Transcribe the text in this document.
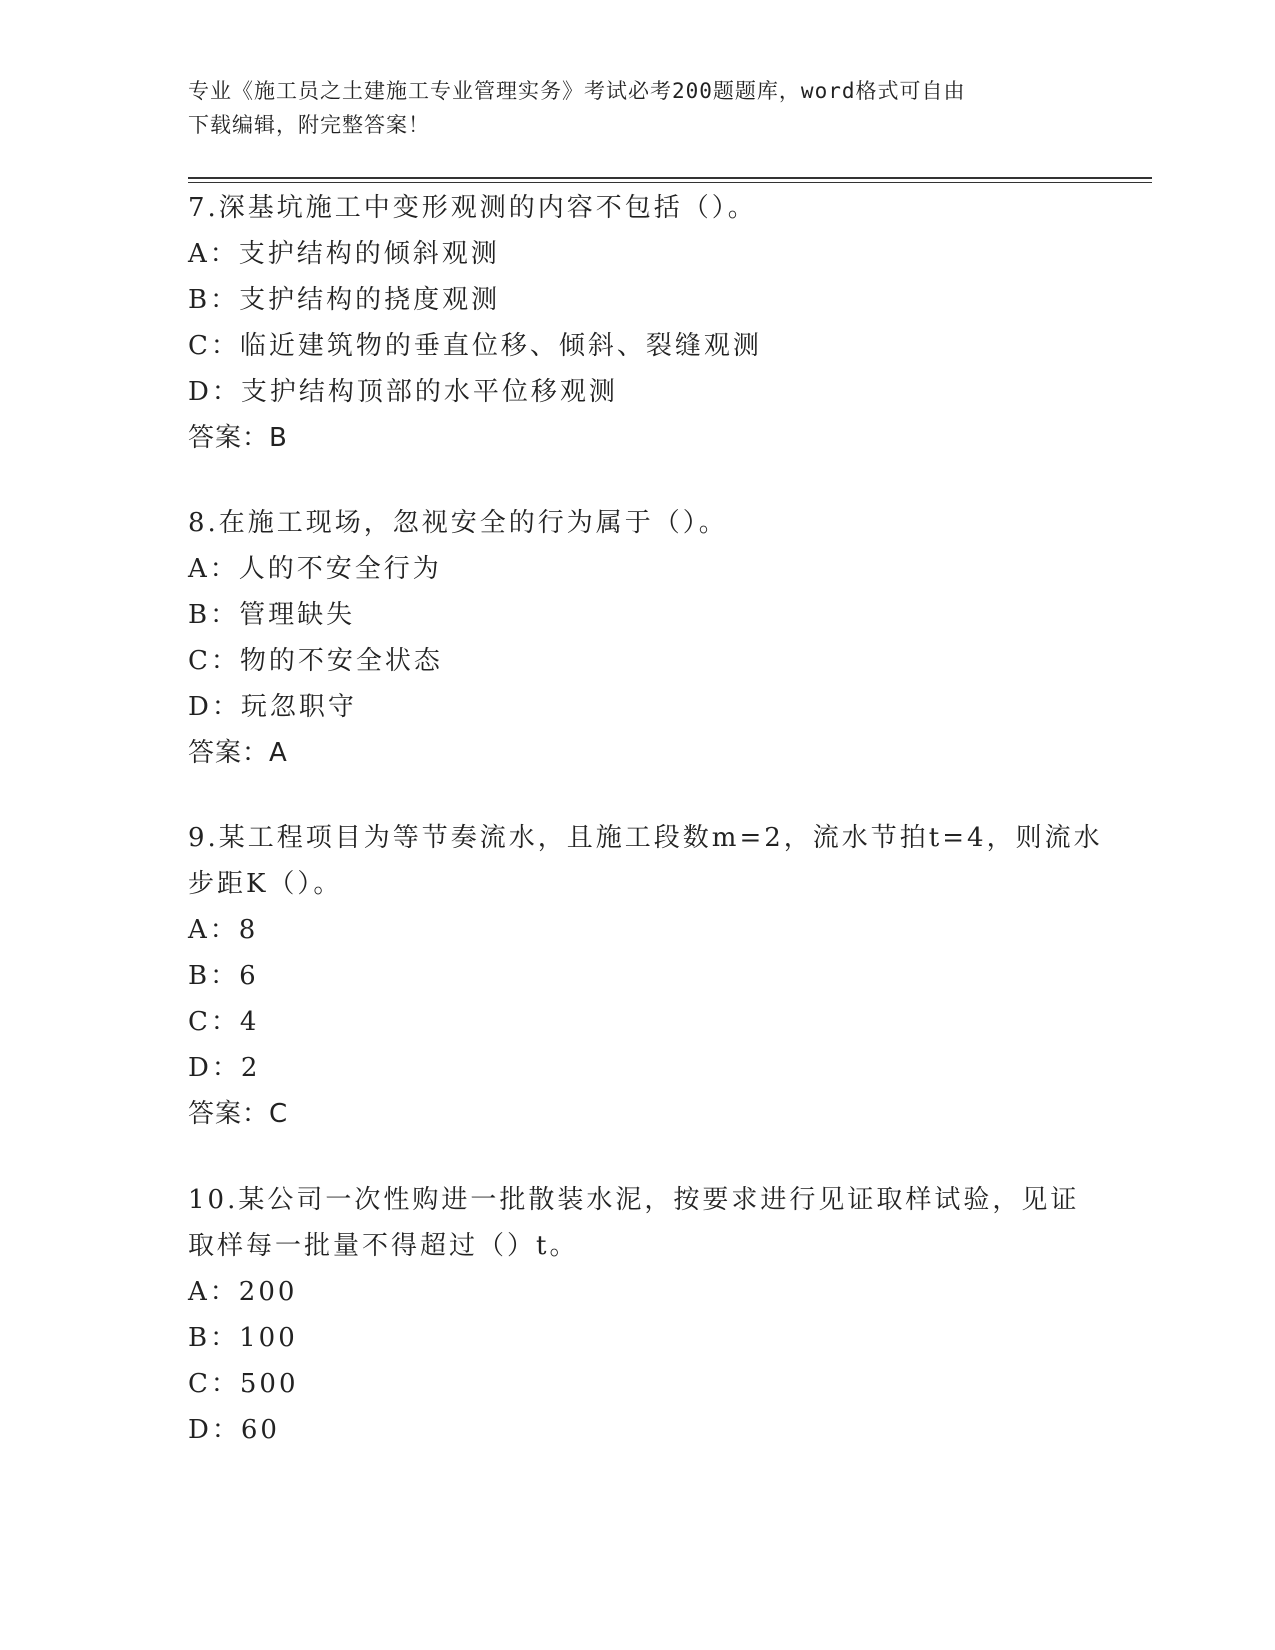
专业《施工员之土建施工专业管理实务》考试必考200题题库，word格式可自由
下载编辑，附完整答案！
7.深基坑施工中变形观测的内容不包括（）。
A：支护结构的倾斜观测
B：支护结构的挠度观测
C：临近建筑物的垂直位移、倾斜、裂缝观测
D：支护结构顶部的水平位移观测
答案：B
8.在施工现场，忽视安全的行为属于（）。
A：人的不安全行为
B：管理缺失
C：物的不安全状态
D：玩忽职守
答案：A
9.某工程项目为等节奏流水，且施工段数m=2，流水节拍t=4，则流水
步距K（）。
A：8
B：6
C：4
D：2
答案：C
10.某公司一次性购进一批散装水泥，按要求进行见证取样试验，见证
取样每一批量不得超过（）t。
A：200
B：100
C：500
D：60
